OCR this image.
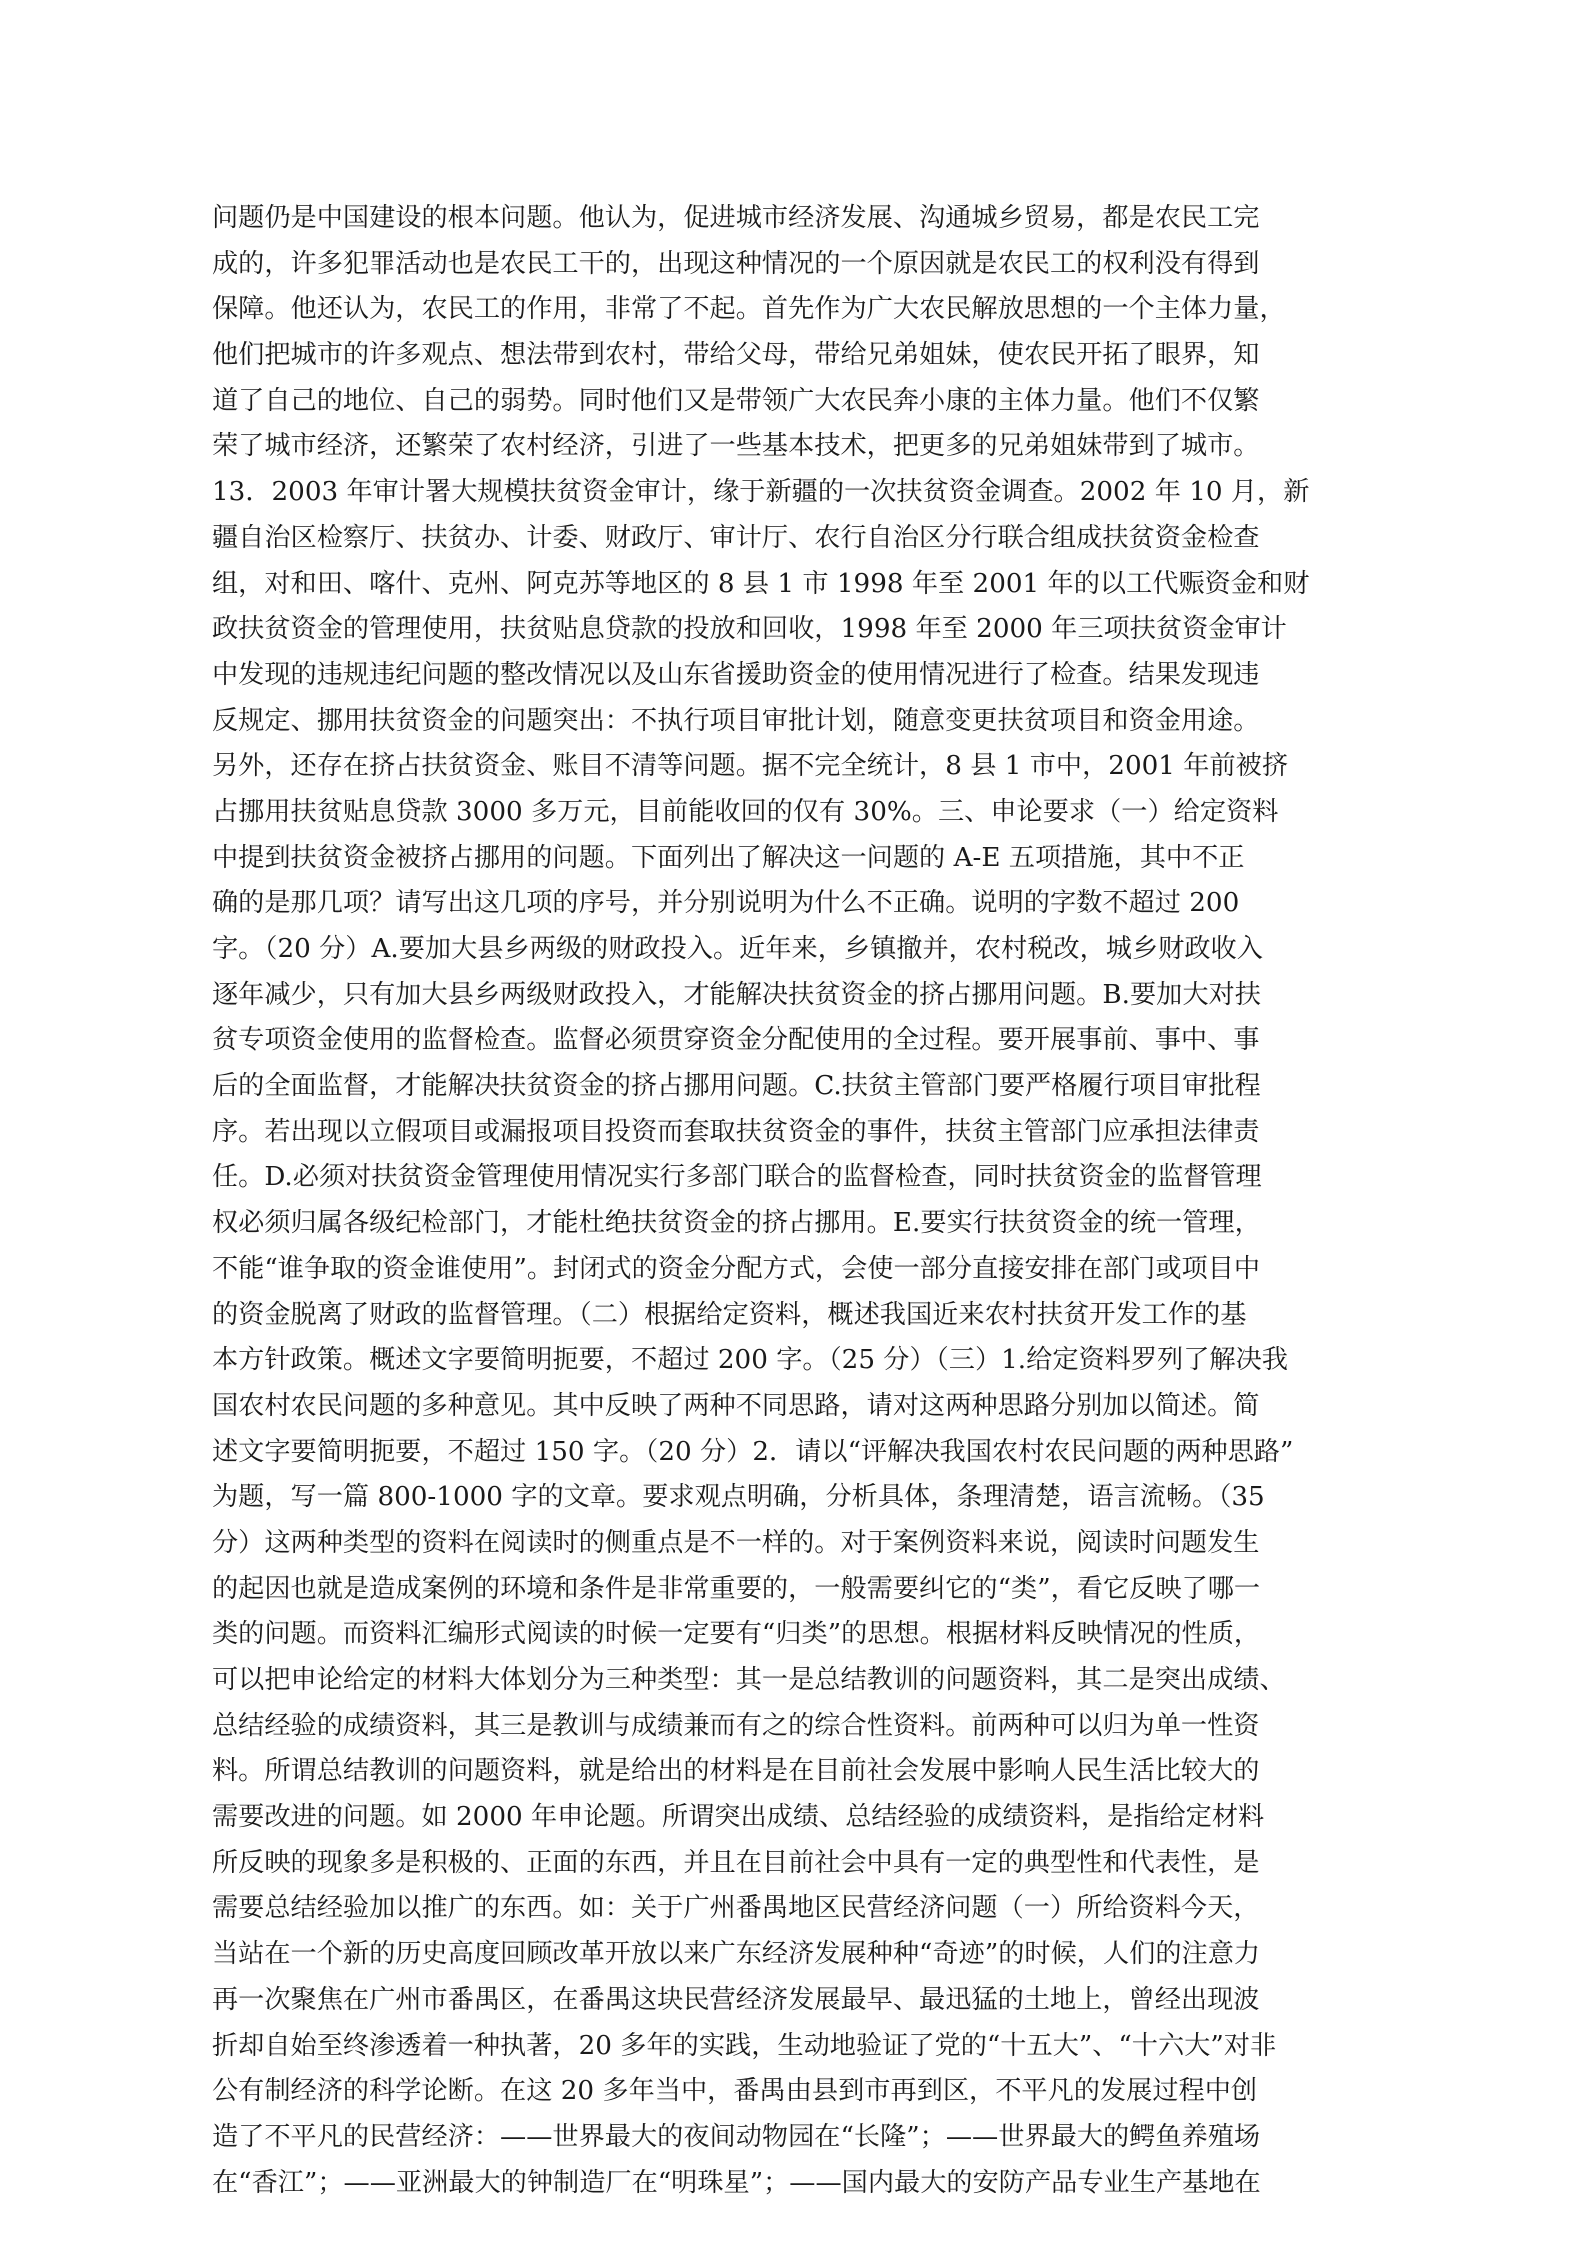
问题仍是中国建设的根本问题。他认为，促进城市经济发展、沟通城乡贸易，都是农民工完
成的，许多犯罪活动也是农民工干的，出现这种情况的一个原因就是农民工的权利没有得到
保障。他还认为，农民工的作用，非常了不起。首先作为广大农民解放思想的一个主体力量，
他们把城市的许多观点、想法带到农村，带给父母，带给兄弟姐妹，使农民开拓了眼界，知
道了自己的地位、自己的弱势。同时他们又是带领广大农民奔小康的主体力量。他们不仅繁
荣了城市经济，还繁荣了农村经济，引进了一些基本技术，把更多的兄弟姐妹带到了城市。
13．2003 年审计署大规模扶贫资金审计，缘于新疆的一次扶贫资金调查。2002 年 10 月，新
疆自治区检察厅、扶贫办、计委、财政厅、审计厅、农行自治区分行联合组成扶贫资金检查
组，对和田、喀什、克州、阿克苏等地区的 8 县 1 市 1998 年至 2001 年的以工代赈资金和财
政扶贫资金的管理使用，扶贫贴息贷款的投放和回收，1998 年至 2000 年三项扶贫资金审计
中发现的违规违纪问题的整改情况以及山东省援助资金的使用情况进行了检查。结果发现违
反规定、挪用扶贫资金的问题突出：不执行项目审批计划，随意变更扶贫项目和资金用途。
另外，还存在挤占扶贫资金、账目不清等问题。据不完全统计，8 县 1 市中，2001 年前被挤
占挪用扶贫贴息贷款 3000 多万元，目前能收回的仅有 30%。三、申论要求（一）给定资料
中提到扶贫资金被挤占挪用的问题。下面列出了解决这一问题的 A-E 五项措施，其中不正
确的是那几项？请写出这几项的序号，并分别说明为什么不正确。说明的字数不超过 200
字。（20 分）A.要加大县乡两级的财政投入。近年来，乡镇撤并，农村税改，城乡财政收入
逐年减少，只有加大县乡两级财政投入，才能解决扶贫资金的挤占挪用问题。B.要加大对扶
贫专项资金使用的监督检查。监督必须贯穿资金分配使用的全过程。要开展事前、事中、事
后的全面监督，才能解决扶贫资金的挤占挪用问题。C.扶贫主管部门要严格履行项目审批程
序。若出现以立假项目或漏报项目投资而套取扶贫资金的事件，扶贫主管部门应承担法律责
任。D.必须对扶贫资金管理使用情况实行多部门联合的监督检查，同时扶贫资金的监督管理
权必须归属各级纪检部门，才能杜绝扶贫资金的挤占挪用。E.要实行扶贫资金的统一管理，
不能“谁争取的资金谁使用”。封闭式的资金分配方式，会使一部分直接安排在部门或项目中
的资金脱离了财政的监督管理。（二）根据给定资料，概述我国近来农村扶贫开发工作的基
本方针政策。概述文字要简明扼要，不超过 200 字。（25 分）（三）1.给定资料罗列了解决我
国农村农民问题的多种意见。其中反映了两种不同思路，请对这两种思路分别加以简述。简
述文字要简明扼要，不超过 150 字。（20 分）2．请以“评解决我国农村农民问题的两种思路”
为题，写一篇 800-1000 字的文章。要求观点明确，分析具体，条理清楚，语言流畅。（35
分）这两种类型的资料在阅读时的侧重点是不一样的。对于案例资料来说，阅读时问题发生
的起因也就是造成案例的环境和条件是非常重要的，一般需要纠它的“类”，看它反映了哪一
类的问题。而资料汇编形式阅读的时候一定要有“归类”的思想。根据材料反映情况的性质，
可以把申论给定的材料大体划分为三种类型：其一是总结教训的问题资料，其二是突出成绩、
总结经验的成绩资料，其三是教训与成绩兼而有之的综合性资料。前两种可以归为单一性资
料。所谓总结教训的问题资料，就是给出的材料是在目前社会发展中影响人民生活比较大的
需要改进的问题。如 2000 年申论题。所谓突出成绩、总结经验的成绩资料，是指给定材料
所反映的现象多是积极的、正面的东西，并且在目前社会中具有一定的典型性和代表性，是
需要总结经验加以推广的东西。如：关于广州番禺地区民营经济问题（一）所给资料今天，
当站在一个新的历史高度回顾改革开放以来广东经济发展种种“奇迹”的时候，人们的注意力
再一次聚焦在广州市番禺区，在番禺这块民营经济发展最早、最迅猛的土地上，曾经出现波
折却自始至终渗透着一种执著，20 多年的实践，生动地验证了党的“十五大”、“十六大”对非
公有制经济的科学论断。在这 20 多年当中，番禺由县到市再到区，不平凡的发展过程中创
造了不平凡的民营经济：——世界最大的夜间动物园在“长隆”；——世界最大的鳄鱼养殖场
在“香江”；——亚洲最大的钟制造厂在“明珠星”；——国内最大的安防产品专业生产基地在
